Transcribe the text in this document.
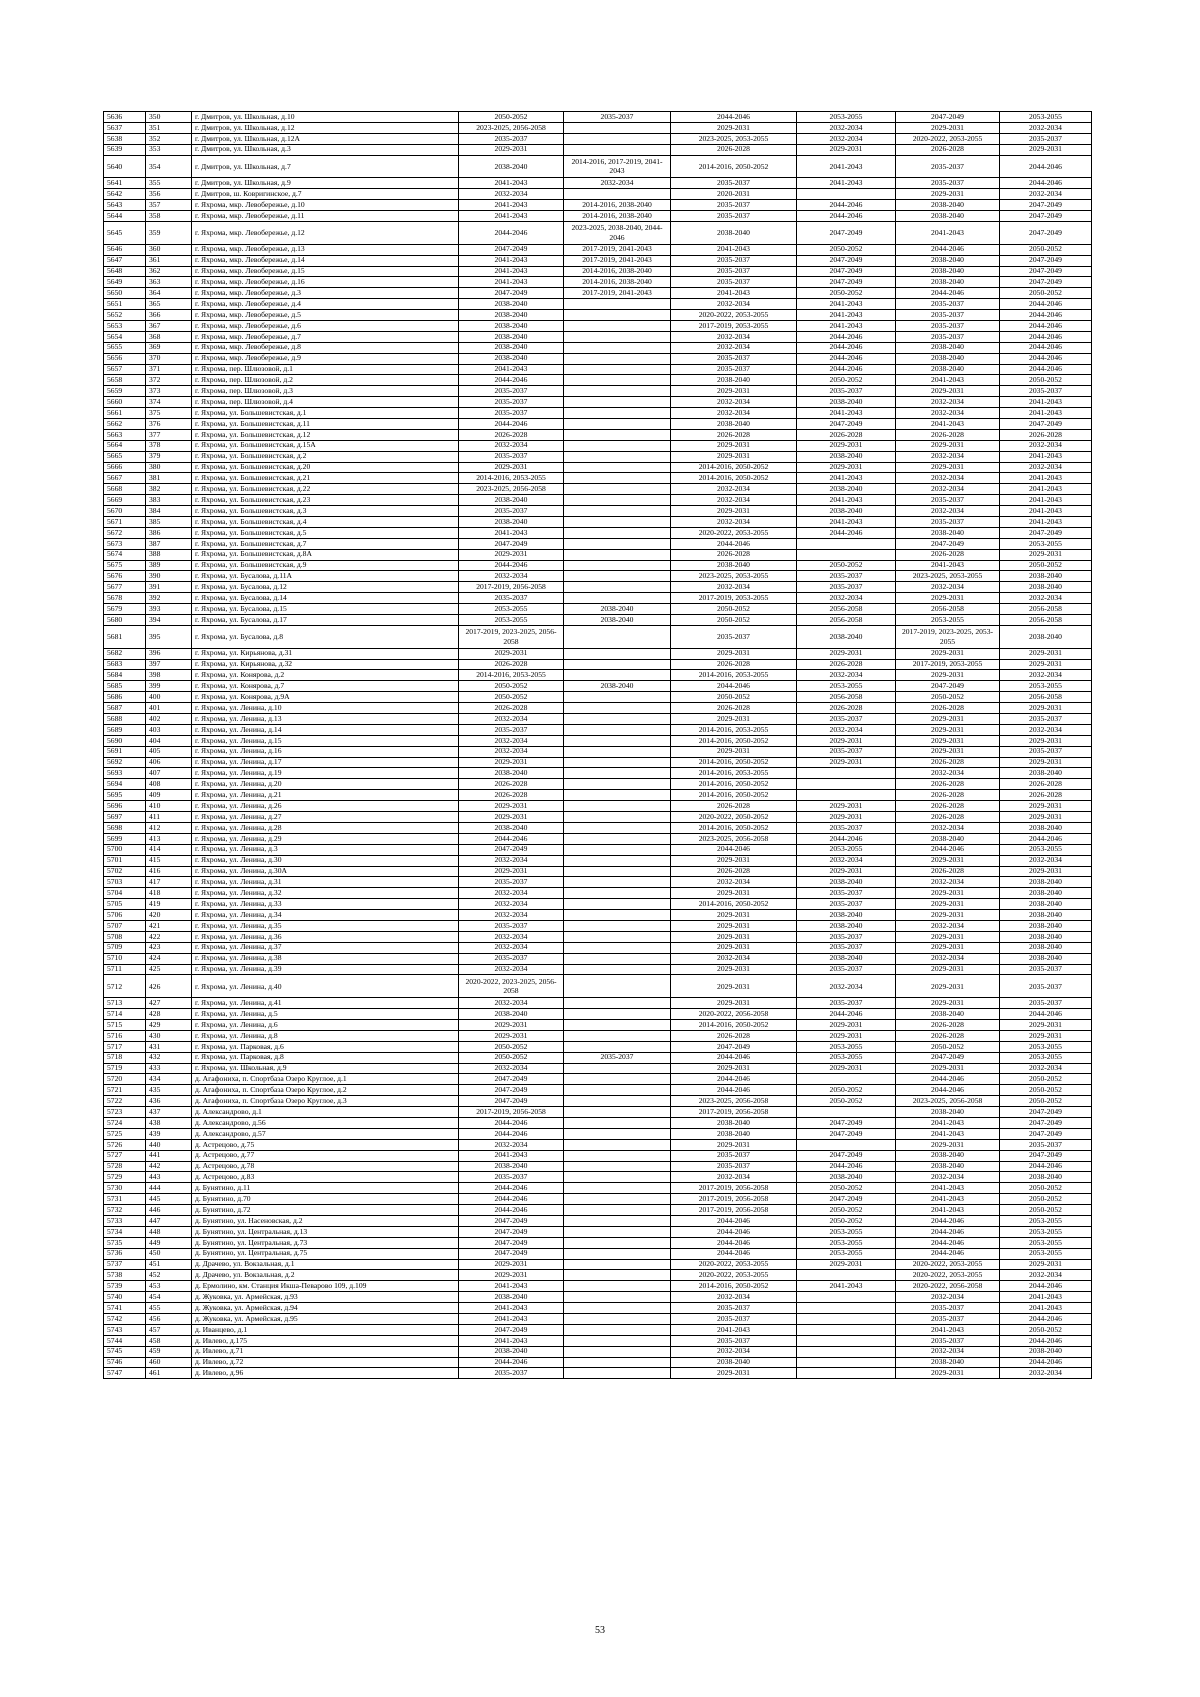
5636	350	г. Дмитров, ул. Школьная, д.10	2050-2052	2035-2037	2044-2046	2053-2055	2047-2049	2053-2055
5637	351	г. Дмитров, ул. Школьная, д.12	2023-2025, 2056-2058		2029-2031	2032-2034	2029-2031	2032-2034
5638	352	г. Дмитров, ул. Школьная, д.12А	2035-2037		2023-2025, 2053-2055	2032-2034	2020-2022, 2053-2055	2035-2037
5639	353	г. Дмитров, ул. Школьная, д.3	2029-2031		2026-2028	2029-2031	2026-2028	2029-2031
5640	354	г. Дмитров, ул. Школьная, д.7	2038-2040	2014-2016, 2017-2019, 2041-2043	2014-2016, 2050-2052	2041-2043	2035-2037	2044-2046
5641	355	г. Дмитров, ул. Школьная, д.9	2041-2043	2032-2034	2035-2037	2041-2043	2035-2037	2044-2046
5642	356	г. Дмитров, ш. Ковригинское, д.7	2032-2034		2020-2031		2029-2031	2032-2034
5643	357	г. Яхрома, мкр. Левобережье, д.10	2041-2043	2014-2016, 2038-2040	2035-2037	2044-2046	2038-2040	2047-2049
5644	358	г. Яхрома, мкр. Левобережье, д.11	2041-2043	2014-2016, 2038-2040	2035-2037	2044-2046	2038-2040	2047-2049
5645	359	г. Яхрома, мкр. Левобережье, д.12	2044-2046	2023-2025, 2038-2040, 2044-2046	2038-2040	2047-2049	2041-2043	2047-2049
5646	360	г. Яхрома, мкр. Левобережье, д.13	2047-2049	2017-2019, 2041-2043	2041-2043	2050-2052	2044-2046	2050-2052
5647	361	г. Яхрома, мкр. Левобережье, д.14	2041-2043	2017-2019, 2041-2043	2035-2037	2047-2049	2038-2040	2047-2049
5648	362	г. Яхрома, мкр. Левобережье, д.15	2041-2043	2014-2016, 2038-2040	2035-2037	2047-2049	2038-2040	2047-2049
5649	363	г. Яхрома, мкр. Левобережье, д.16	2041-2043	2014-2016, 2038-2040	2035-2037	2047-2049	2038-2040	2047-2049
5650	364	г. Яхрома, мкр. Левобережье, д.3	2047-2049	2017-2019, 2041-2043	2041-2043	2050-2052	2044-2046	2050-2052
5651	365	г. Яхрома, мкр. Левобережье, д.4	2038-2040		2032-2034	2041-2043	2035-2037	2044-2046
5652	366	г. Яхрома, мкр. Левобережье, д.5	2038-2040		2020-2022, 2053-2055	2041-2043	2035-2037	2044-2046
5653	367	г. Яхрома, мкр. Левобережье, д.6	2038-2040		2017-2019, 2053-2055	2041-2043	2035-2037	2044-2046
5654	368	г. Яхрома, мкр. Левобережье, д.7	2038-2040		2032-2034	2044-2046	2035-2037	2044-2046
5655	369	г. Яхрома, мкр. Левобережье, д.8	2038-2040		2032-2034	2044-2046	2038-2040	2044-2046
5656	370	г. Яхрома, мкр. Левобережье, д.9	2038-2040		2035-2037	2044-2046	2038-2040	2044-2046
5657	371	г. Яхрома, пер. Шлюзовой, д.1	2041-2043		2035-2037	2044-2046	2038-2040	2044-2046
5658	372	г. Яхрома, пер. Шлюзовой, д.2	2044-2046		2038-2040	2050-2052	2041-2043	2050-2052
5659	373	г. Яхрома, пер. Шлюзовой, д.3	2035-2037		2029-2031	2035-2037	2029-2031	2035-2037
5660	374	г. Яхрома, пер. Шлюзовой, д.4	2035-2037		2032-2034	2038-2040	2032-2034	2041-2043
5661	375	г. Яхрома, ул. Большевистская, д.1	2035-2037		2032-2034	2041-2043	2032-2034	2041-2043
5662	376	г. Яхрома, ул. Большевистская, д.11	2044-2046		2038-2040	2047-2049	2041-2043	2047-2049
5663	377	г. Яхрома, ул. Большевистская, д.12	2026-2028		2026-2028	2026-2028	2026-2028	2026-2028
5664	378	г. Яхрома, ул. Большевистская, д.15А	2032-2034		2029-2031	2029-2031	2029-2031	2032-2034
5665	379	г. Яхрома, ул. Большевистская, д.2	2035-2037		2029-2031	2038-2040	2032-2034	2041-2043
5666	380	г. Яхрома, ул. Большевистская, д.20	2029-2031		2014-2016, 2050-2052	2029-2031	2029-2031	2032-2034
5667	381	г. Яхрома, ул. Большевистская, д.21	2014-2016, 2053-2055		2014-2016, 2050-2052	2041-2043	2032-2034	2041-2043
5668	382	г. Яхрома, ул. Большевистская, д.22	2023-2025, 2056-2058		2032-2034	2038-2040	2032-2034	2041-2043
5669	383	г. Яхрома, ул. Большевистская, д.23	2038-2040		2032-2034	2041-2043	2035-2037	2041-2043
5670	384	г. Яхрома, ул. Большевистская, д.3	2035-2037		2029-2031	2038-2040	2032-2034	2041-2043
5671	385	г. Яхрома, ул. Большевистская, д.4	2038-2040		2032-2034	2041-2043	2035-2037	2041-2043
5672	386	г. Яхрома, ул. Большевистская, д.5	2041-2043		2020-2022, 2053-2055	2044-2046	2038-2040	2047-2049
5673	387	г. Яхрома, ул. Большевистская, д.7	2047-2049		2044-2046		2047-2049	2053-2055
5674	388	г. Яхрома, ул. Большевистская, д.8А	2029-2031		2026-2028		2026-2028	2029-2031
5675	389	г. Яхрома, ул. Большевистская, д.9	2044-2046		2038-2040	2050-2052	2041-2043	2050-2052
5676	390	г. Яхрома, ул. Бусалова, д.11А	2032-2034		2023-2025, 2053-2055	2035-2037	2023-2025, 2053-2055	2038-2040
5677	391	г. Яхрома, ул. Бусалова, д.12	2017-2019, 2056-2058		2032-2034	2035-2037	2032-2034	2038-2040
5678	392	г. Яхрома, ул. Бусалова, д.14	2035-2037		2017-2019, 2053-2055	2032-2034	2029-2031	2032-2034
5679	393	г. Яхрома, ул. Бусалова, д.15	2053-2055	2038-2040	2050-2052	2056-2058	2056-2058	2056-2058
5680	394	г. Яхрома, ул. Бусалова, д.17	2053-2055	2038-2040	2050-2052	2056-2058	2053-2055	2056-2058
5681	395	г. Яхрома, ул. Бусалова, д.8	2017-2019, 2023-2025, 2056-2058		2035-2037	2038-2040	2017-2019, 2023-2025, 2053-2055	2038-2040
5682	396	г. Яхрома, ул. Кирьянова, д.31	2029-2031		2029-2031	2029-2031	2029-2031	2029-2031
5683	397	г. Яхрома, ул. Кирьянова, д.32	2026-2028		2026-2028	2026-2028	2017-2019, 2053-2055	2029-2031
5684	398	г. Яхрома, ул. Конярова, д.2	2014-2016, 2053-2055		2014-2016, 2053-2055	2032-2034	2029-2031	2032-2034
5685	399	г. Яхрома, ул. Конярова, д.7	2050-2052	2038-2040	2044-2046	2053-2055	2047-2049	2053-2055
5686	400	г. Яхрома, ул. Конярова, д.9А	2050-2052		2050-2052	2056-2058	2050-2052	2056-2058
5687	401	г. Яхрома, ул. Ленина, д.10	2026-2028		2026-2028	2026-2028	2026-2028	2029-2031
5688	402	г. Яхрома, ул. Ленина, д.13	2032-2034		2029-2031	2035-2037	2029-2031	2035-2037
5689	403	г. Яхрома, ул. Ленина, д.14	2035-2037		2014-2016, 2053-2055	2032-2034	2029-2031	2032-2034
5690	404	г. Яхрома, ул. Ленина, д.15	2032-2034		2014-2016, 2050-2052	2029-2031	2029-2031	2029-2031
5691	405	г. Яхрома, ул. Ленина, д.16	2032-2034		2029-2031	2035-2037	2029-2031	2035-2037
5692	406	г. Яхрома, ул. Ленина, д.17	2029-2031		2014-2016, 2050-2052	2029-2031	2026-2028	2029-2031
5693	407	г. Яхрома, ул. Ленина, д.19	2038-2040		2014-2016, 2053-2055		2032-2034	2038-2040
5694	408	г. Яхрома, ул. Ленина, д.20	2026-2028		2014-2016, 2050-2052		2026-2028	2026-2028
5695	409	г. Яхрома, ул. Ленина, д.21	2026-2028		2014-2016, 2050-2052		2026-2028	2026-2028
5696	410	г. Яхрома, ул. Ленина, д.26	2029-2031		2026-2028	2029-2031	2026-2028	2029-2031
5697	411	г. Яхрома, ул. Ленина, д.27	2029-2031		2020-2022, 2050-2052	2029-2031	2026-2028	2029-2031
5698	412	г. Яхрома, ул. Ленина, д.28	2038-2040		2014-2016, 2050-2052	2035-2037	2032-2034	2038-2040
5699	413	г. Яхрома, ул. Ленина, д.29	2044-2046		2023-2025, 2056-2058	2044-2046	2038-2040	2044-2046
5700	414	г. Яхрома, ул. Ленина, д.3	2047-2049		2044-2046	2053-2055	2044-2046	2053-2055
5701	415	г. Яхрома, ул. Ленина, д.30	2032-2034		2029-2031	2032-2034	2029-2031	2032-2034
5702	416	г. Яхрома, ул. Ленина, д.30А	2029-2031		2026-2028	2029-2031	2026-2028	2029-2031
5703	417	г. Яхрома, ул. Ленина, д.31	2035-2037		2032-2034	2038-2040	2032-2034	2038-2040
5704	418	г. Яхрома, ул. Ленина, д.32	2032-2034		2029-2031	2035-2037	2029-2031	2038-2040
5705	419	г. Яхрома, ул. Ленина, д.33	2032-2034		2014-2016, 2050-2052	2035-2037	2029-2031	2038-2040
5706	420	г. Яхрома, ул. Ленина, д.34	2032-2034		2029-2031	2038-2040	2029-2031	2038-2040
5707	421	г. Яхрома, ул. Ленина, д.35	2035-2037		2029-2031	2038-2040	2032-2034	2038-2040
5708	422	г. Яхрома, ул. Ленина, д.36	2032-2034		2029-2031	2035-2037	2029-2031	2038-2040
5709	423	г. Яхрома, ул. Ленина, д.37	2032-2034		2029-2031	2035-2037	2029-2031	2038-2040
5710	424	г. Яхрома, ул. Ленина, д.38	2035-2037		2032-2034	2038-2040	2032-2034	2038-2040
5711	425	г. Яхрома, ул. Ленина, д.39	2032-2034		2029-2031	2035-2037	2029-2031	2035-2037
5712	426	г. Яхрома, ул. Ленина, д.40	2020-2022, 2023-2025, 2056-2058		2029-2031	2032-2034	2029-2031	2035-2037
5713	427	г. Яхрома, ул. Ленина, д.41	2032-2034		2029-2031	2035-2037	2029-2031	2035-2037
5714	428	г. Яхрома, ул. Ленина, д.5	2038-2040		2020-2022, 2056-2058	2044-2046	2038-2040	2044-2046
5715	429	г. Яхрома, ул. Ленина, д.6	2029-2031		2014-2016, 2050-2052	2029-2031	2026-2028	2029-2031
5716	430	г. Яхрома, ул. Ленина, д.8	2029-2031		2026-2028	2029-2031	2026-2028	2029-2031
5717	431	г. Яхрома, ул. Парковая, д.6	2050-2052		2047-2049	2053-2055	2050-2052	2053-2055
5718	432	г. Яхрома, ул. Парковая, д.8	2050-2052	2035-2037	2044-2046	2053-2055	2047-2049	2053-2055
5719	433	г. Яхрома, ул. Школьная, д.9	2032-2034		2029-2031	2029-2031	2029-2031	2032-2034
5720	434	д. Агафониха, п. Спортбаза Озеро Круглое, д.1	2047-2049		2044-2046		2044-2046	2050-2052
5721	435	д. Агафониха, п. Спортбаза Озеро Круглое, д.2	2047-2049		2044-2046	2050-2052	2044-2046	2050-2052
5722	436	д. Агафониха, п. Спортбаза Озеро Круглое, д.3	2047-2049		2023-2025, 2056-2058	2050-2052	2023-2025, 2056-2058	2050-2052
5723	437	д. Александрово, д.1	2017-2019, 2056-2058		2017-2019, 2056-2058		2038-2040	2047-2049
5724	438	д. Александрово, д.56	2044-2046		2038-2040	2047-2049	2041-2043	2047-2049
5725	439	д. Александрово, д.57	2044-2046		2038-2040	2047-2049	2041-2043	2047-2049
5726	440	д. Астрецово, д.75	2032-2034		2029-2031		2029-2031	2035-2037
5727	441	д. Астрецово, д.77	2041-2043		2035-2037	2047-2049	2038-2040	2047-2049
5728	442	д. Астрецово, д.78	2038-2040		2035-2037	2044-2046	2038-2040	2044-2046
5729	443	д. Астрецово, д.83	2035-2037		2032-2034	2038-2040	2032-2034	2038-2040
5730	444	д. Бунятино, д.11	2044-2046		2017-2019, 2056-2058	2050-2052	2041-2043	2050-2052
5731	445	д. Бунятино, д.70	2044-2046		2017-2019, 2056-2058	2047-2049	2041-2043	2050-2052
5732	446	д. Бунятино, д.72	2044-2046		2017-2019, 2056-2058	2050-2052	2041-2043	2050-2052
5733	447	д. Бунятино, ул. Насеновская, д.2	2047-2049		2044-2046	2050-2052	2044-2046	2053-2055
5734	448	д. Бунятино, ул. Центральная, д.13	2047-2049		2044-2046	2053-2055	2044-2046	2053-2055
5735	449	д. Бунятино, ул. Центральная, д.73	2047-2049		2044-2046	2053-2055	2044-2046	2053-2055
5736	450	д. Бунятино, ул. Центральная, д.75	2047-2049		2044-2046	2053-2055	2044-2046	2053-2055
5737	451	д. Драчево, ул. Вокзальная, д.1	2029-2031		2020-2022, 2053-2055	2029-2031	2020-2022, 2053-2055	2029-2031
5738	452	д. Драчево, ул. Вокзальная, д.2	2029-2031		2020-2022, 2053-2055		2020-2022, 2053-2055	2032-2034
5739	453	д. Ермолино, км. Станция Икша-Певарово 109, д.109	2041-2043		2014-2016, 2050-2052	2041-2043	2020-2022, 2056-2058	2044-2046
5740	454	д. Жуковка, ул. Армейская, д.93	2038-2040		2032-2034		2032-2034	2041-2043
5741	455	д. Жуковка, ул. Армейская, д.94	2041-2043		2035-2037		2035-2037	2041-2043
5742	456	д. Жуковка, ул. Армейская, д.95	2041-2043		2035-2037		2035-2037	2044-2046
5743	457	д. Иванцево, д.1	2047-2049		2041-2043		2041-2043	2050-2052
5744	458	д. Ивлево, д.175	2041-2043		2035-2037		2035-2037	2044-2046
5745	459	д. Ивлево, д.71	2038-2040		2032-2034		2032-2034	2038-2040
5746	460	д. Ивлево, д.72	2044-2046		2038-2040		2038-2040	2044-2046
5747	461	д. Ивлево, д.96	2035-2037		2029-2031		2029-2031	2032-2034
53
